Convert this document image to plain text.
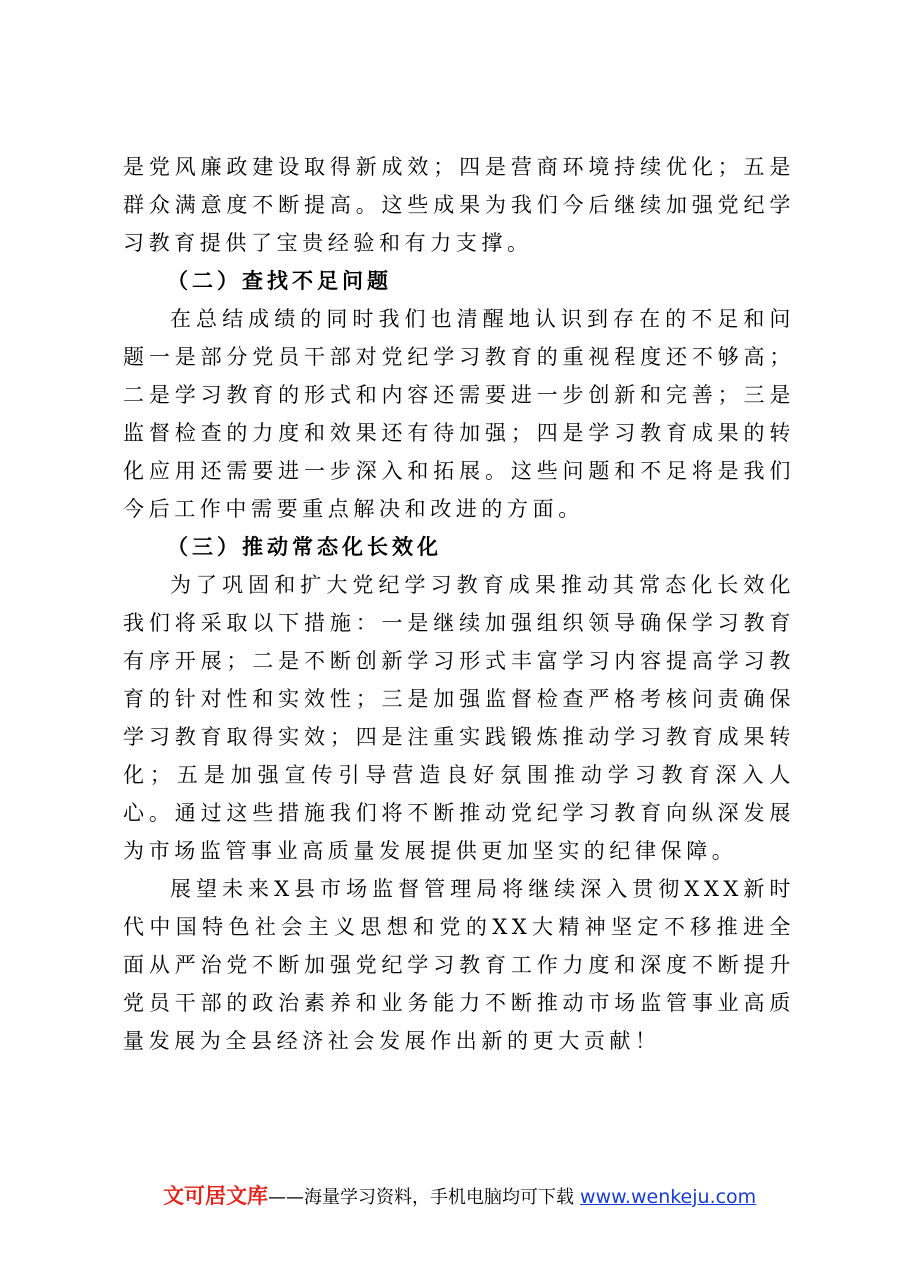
是党风廉政建设取得新成效；四是营商环境持续优化；五是群众满意度不断提高。这些成果为我们今后继续加强党纪学习教育提供了宝贵经验和有力支撑。

（二）查找不足问题

在总结成绩的同时我们也清醒地认识到存在的不足和问题一是部分党员干部对党纪学习教育的重视程度还不够高；二是学习教育的形式和内容还需要进一步创新和完善；三是监督检查的力度和效果还有待加强；四是学习教育成果的转化应用还需要进一步深入和拓展。这些问题和不足将是我们今后工作中需要重点解决和改进的方面。

（三）推动常态化长效化

为了巩固和扩大党纪学习教育成果推动其常态化长效化我们将采取以下措施：一是继续加强组织领导确保学习教育有序开展；二是不断创新学习形式丰富学习内容提高学习教育的针对性和实效性；三是加强监督检查严格考核问责确保学习教育取得实效；四是注重实践锻炼推动学习教育成果转化；五是加强宣传引导营造良好氛围推动学习教育深入人心。通过这些措施我们将不断推动党纪学习教育向纵深发展为市场监管事业高质量发展提供更加坚实的纪律保障。

展望未来X县市场监督管理局将继续深入贯彻XXX新时代中国特色社会主义思想和党的XX大精神坚定不移推进全面从严治党不断加强党纪学习教育工作力度和深度不断提升党员干部的政治素养和业务能力不断推动市场监管事业高质量发展为全县经济社会发展作出新的更大贡献！

文可居文库——海量学习资料，手机电脑均可下载 www.wenkeju.com
